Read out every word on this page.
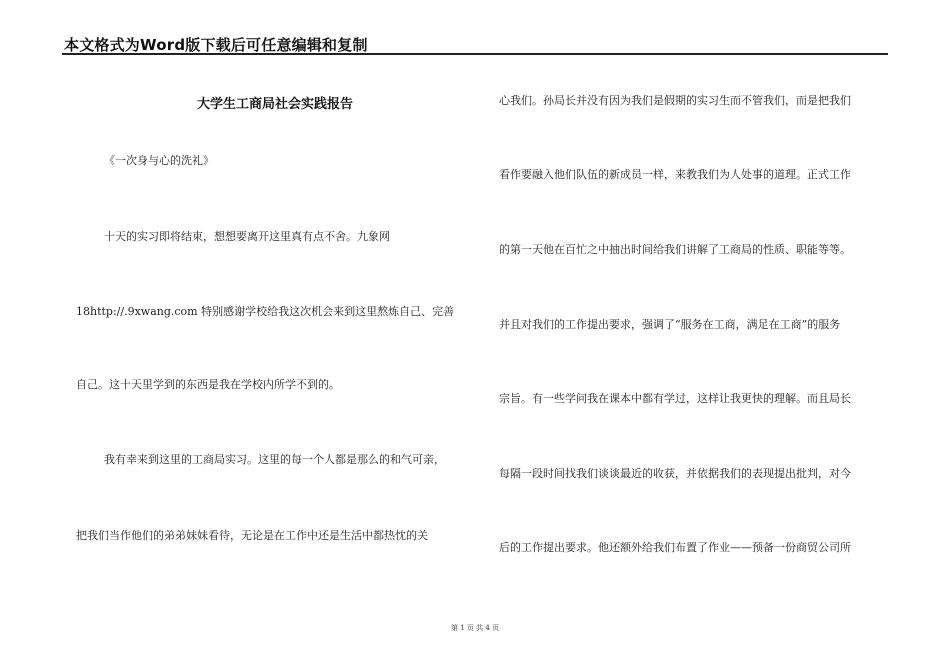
本文格式为Word版下载后可任意编辑和复制
大学生工商局社会实践报告
《一次身与心的洗礼》
十天的实习即将结束，想想要离开这里真有点不舍。九象网
18http://.9xwang.com 特别感谢学校给我这次机会来到这里熬炼自己、完善
自己。这十天里学到的东西是我在学校内所学不到的。
我有幸来到这里的工商局实习。这里的每一个人都是那么的和气可亲，
把我们当作他们的弟弟妹妹看待，无论是在工作中还是生活中都热忱的关
心我们。孙局长并没有因为我们是假期的实习生而不管我们，而是把我们
看作要融入他们队伍的新成员一样，来教我们为人处事的道理。正式工作
的第一天他在百忙之中抽出时间给我们讲解了工商局的性质、职能等等。
并且对我们的工作提出要求，强调了“服务在工商，满足在工商”的服务
宗旨。有一些学问我在课本中都有学过，这样让我更快的理解。而且局长
每隔一段时间找我们谈谈最近的收获，并依据我们的表现提出批判，对今
后的工作提出要求。他还额外给我们布置了作业——预备一份商贸公司所
第 1 页 共 4 页
